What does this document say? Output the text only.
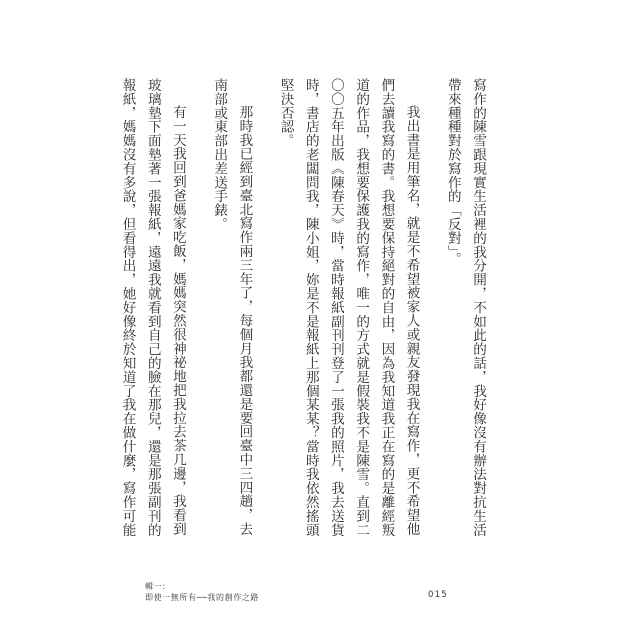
寫作的陳雪跟現實生活裡的我分開，不如此的話，我好像沒有辦法對抗生活

帶來種種對於寫作的「反對」。

我出書是用筆名，就是不希望被家人或親友發現我在寫作，更不希望他

們去讀我寫的書。我想要保持絕對的自由，因為我知道我正在寫的是離經叛

道的作品，我想要保護我的寫作，唯一的方式就是假裝我不是陳雪。直到二

〇〇五年出版《陳春天》時，當時報紙副刊刊登了一張我的照片，我去送貨

時，書店的老闆問我，陳小姐，妳是不是報紙上那個某某？當時我依然搖頭

堅決否認。

那時我已經到臺北寫作兩三年了，每個月我都還是要回臺中三四趟，去

南部或東部出差送手錶。

有一天我回到爸媽家吃飯，媽媽突然很神祕地把我拉去茶几邊，我看到

玻璃墊下面墊著一張報紙，遠遠我就看到自己的臉在那兒，還是那張副刊的

報紙，媽媽沒有多說，但看得出，她好像終於知道了我在做什麼，寫作可能

輯一：
即使一無所有──我的創作之路	015
